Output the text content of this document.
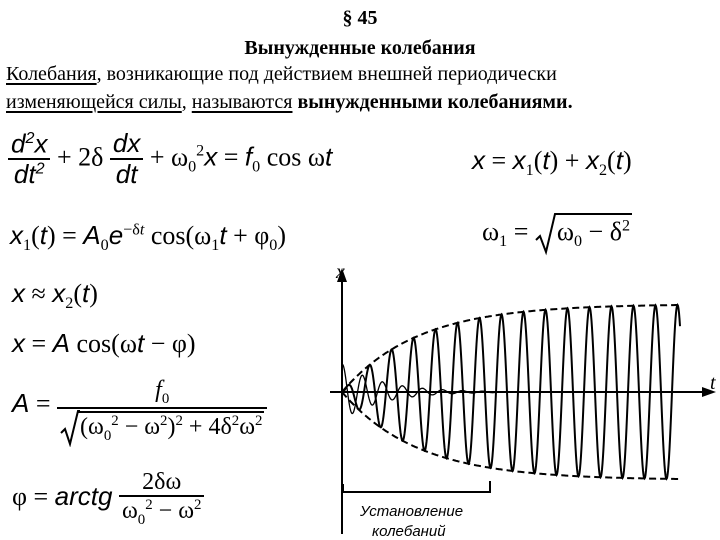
§ 45
Вынужденные колебания
Колебания, возникающие под действием внешней периодически
изменяющейся силы, называются вынужденными колебаниями.
$\frac{d^2x}{dt^2} + 2\delta \frac{dx}{dt} + \omega_0^2x = f_0$ cos ωt	$x = x_1(t) + x_2(t)$
$x_1(t) = A_0e^{-\delta t}$ $\cos(\omega_1t + \varphi_0)$	$\omega_1 = \omega_0 - \delta^2$
$x \approx x_2(t)$
x = A cos(ωt − φ)
$A = \frac{f_0}{(\omega_0^2 - \omega^2)^2 + 4\delta^2\omega^2}$
φ = arctg $\frac{2\delta\omega}{\omega_0^2 - \omega^2}$
x
t
Установление
колебаний
